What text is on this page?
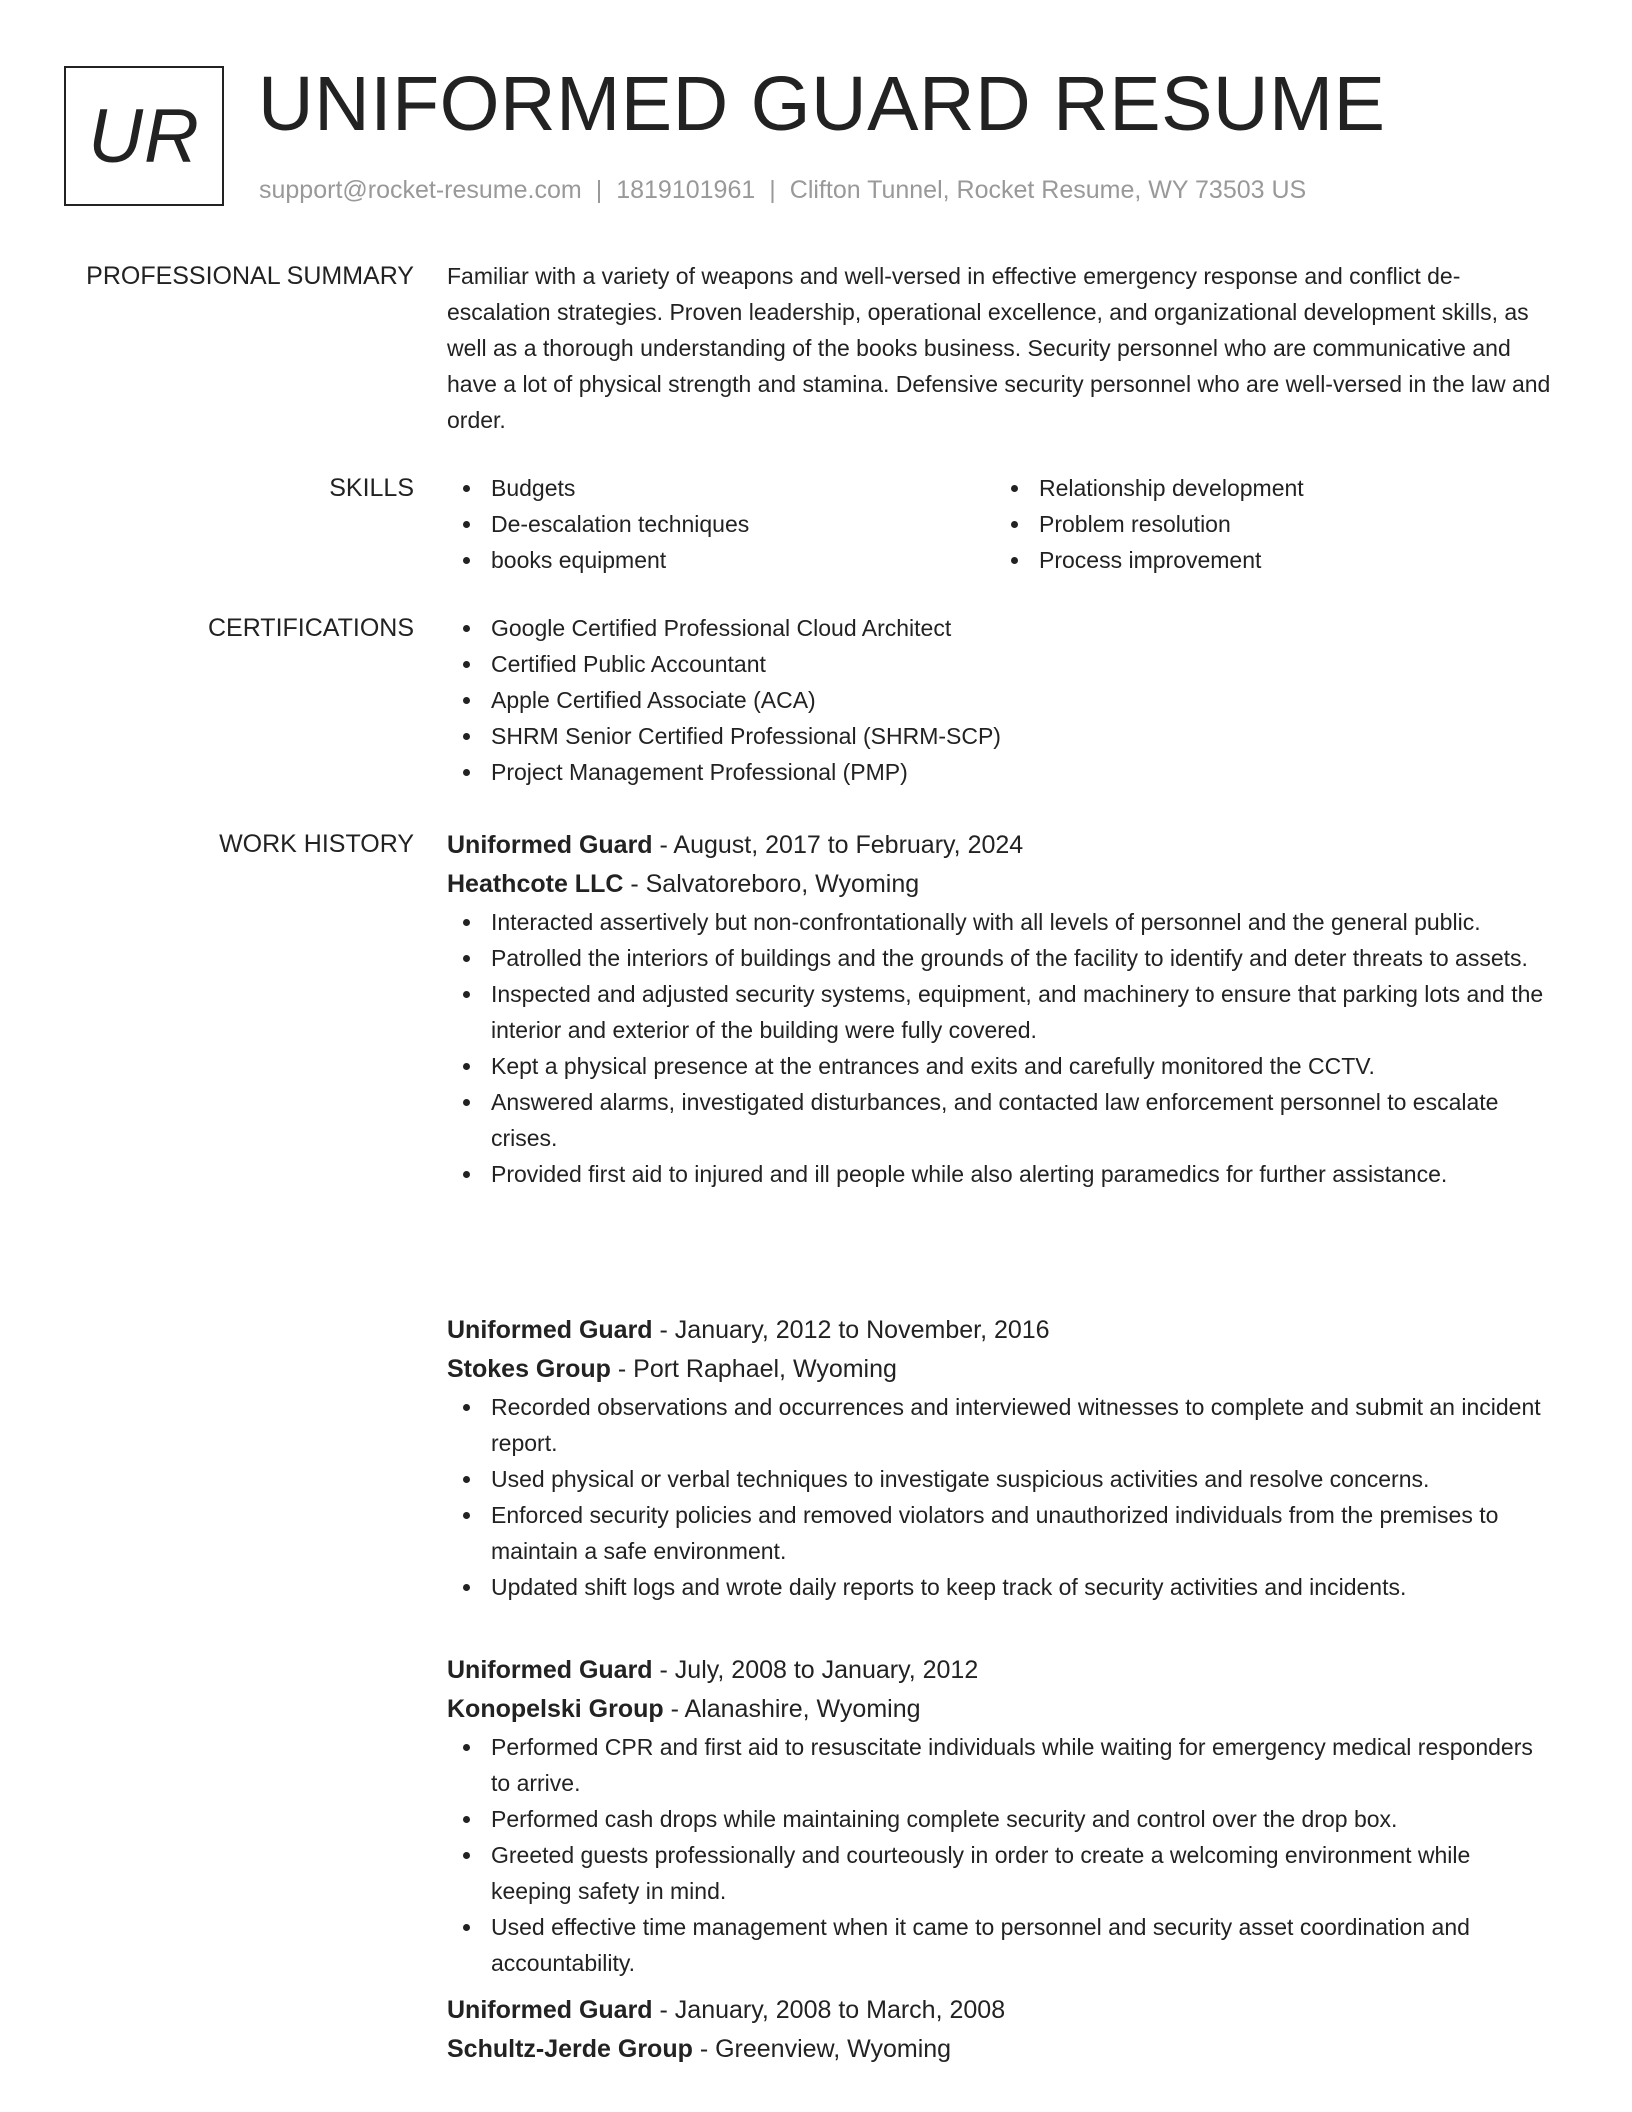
UR UNIFORMED GUARD RESUME
support@rocket-resume.com | 1819101961 | Clifton Tunnel, Rocket Resume, WY 73503 US
PROFESSIONAL SUMMARY Familiar with a variety of weapons and well-versed in effective emergency response and conflict de-escalation strategies. Proven leadership, operational excellence, and organizational development skills, as well as a thorough understanding of the books business. Security personnel who are communicative and have a lot of physical strength and stamina. Defensive security personnel who are well-versed in the law and order.

SKILLS	Budgets
De-escalation techniques
books equipment
Relationship development
Problem resolution
Process improvement
CERTIFICATIONS	Google Certified Professional Cloud Architect
Certified Public Accountant
Apple Certified Associate (ACA)
SHRM Senior Certified Professional (SHRM-SCP)
Project Management Professional (PMP)
WORK HISTORY Uniformed Guard - August, 2017 to February, 2024
Heathcote LLC - Salvatoreboro, Wyoming
Interacted assertively but non-confrontationally with all levels of personnel and the general public.
Patrolled the interiors of buildings and the grounds of the facility to identify and deter threats to assets.
Inspected and adjusted security systems, equipment, and machinery to ensure that parking lots and the interior and exterior of the building were fully covered.
Kept a physical presence at the entrances and exits and carefully monitored the CCTV.
Answered alarms, investigated disturbances, and contacted law enforcement personnel to escalate crises.
Provided first aid to injured and ill people while also alerting paramedics for further assistance.
Uniformed Guard - January, 2012 to November, 2016
Stokes Group - Port Raphael, Wyoming
Recorded observations and occurrences and interviewed witnesses to complete and submit an incident report.
Used physical or verbal techniques to investigate suspicious activities and resolve concerns.
Enforced security policies and removed violators and unauthorized individuals from the premises to maintain a safe environment.
Updated shift logs and wrote daily reports to keep track of security activities and incidents.
Uniformed Guard - July, 2008 to January, 2012
Konopelski Group - Alanashire, Wyoming
Performed CPR and first aid to resuscitate individuals while waiting for emergency medical responders to arrive.
Performed cash drops while maintaining complete security and control over the drop box.
Greeted guests professionally and courteously in order to create a welcoming environment while keeping safety in mind.
Used effective time management when it came to personnel and security asset coordination and accountability.
Uniformed Guard - January, 2008 to March, 2008
Schultz-Jerde Group - Greenview, Wyoming
